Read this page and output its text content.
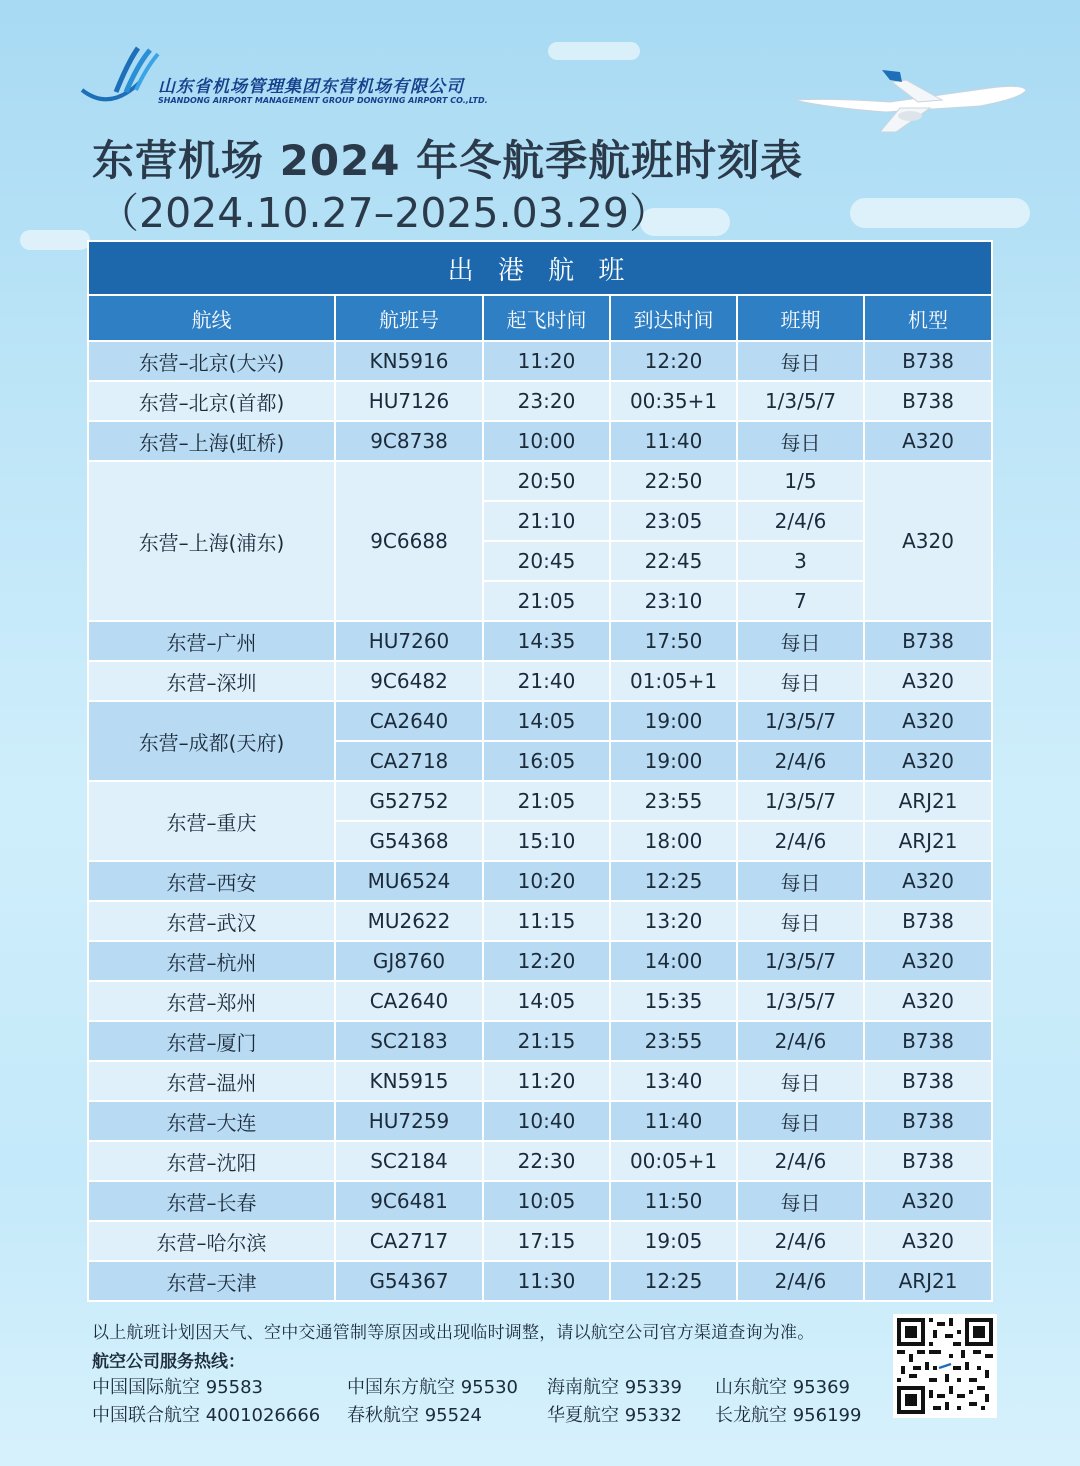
山东省机场管理集团东营机场有限公司
SHANDONG AIRPORT MANAGEMENT GROUP DONGYING AIRPORT CO.,LTD.
东营机场 2024 年冬航季航班时刻表
（2024.10.27–2025.03.29）
出 港 航 班					
航线	航班号	起飞时间	到达时间	班期	机型
东营–北京(大兴)	KN5916	11:20	12:20	每日	B738
东营–北京(首都)	HU7126	23:20	00:35+1	1/3/5/7	B738
东营–上海(虹桥)	9C8738	10:00	11:40	每日	A320
东营–上海(浦东)	9C6688	20:50	22:50	1/5	A320
		21:10	23:05	2/4/6	
		20:45	22:45	3	
		21:05	23:10	7	
东营–广州	HU7260	14:35	17:50	每日	B738
东营–深圳	9C6482	21:40	01:05+1	每日	A320
东营–成都(天府)	CA2640	14:05	19:00	1/3/5/7	A320
	CA2718	16:05	19:00	2/4/6	A320
东营–重庆	G52752	21:05	23:55	1/3/5/7	ARJ21
	G54368	15:10	18:00	2/4/6	ARJ21
东营–西安	MU6524	10:20	12:25	每日	A320
东营–武汉	MU2622	11:15	13:20	每日	B738
东营–杭州	GJ8760	12:20	14:00	1/3/5/7	A320
东营–郑州	CA2640	14:05	15:35	1/3/5/7	A320
东营–厦门	SC2183	21:15	23:55	2/4/6	B738
东营–温州	KN5915	11:20	13:40	每日	B738
东营–大连	HU7259	10:40	11:40	每日	B738
东营–沈阳	SC2184	22:30	00:05+1	2/4/6	B738
东营–长春	9C6481	10:05	11:50	每日	A320
东营–哈尔滨	CA2717	17:15	19:05	2/4/6	A320
东营–天津	G54367	11:30	12:25	2/4/6	ARJ21
以上航班计划因天气、空中交通管制等原因或出现临时调整，请以航空公司官方渠道查询为准。
航空公司服务热线：
中国国际航空 95583	中国东方航空 95530	海南航空 95339	山东航空 95369
中国联合航空 4001026666	春秋航空 95524	华夏航空 95332	长龙航空 956199
